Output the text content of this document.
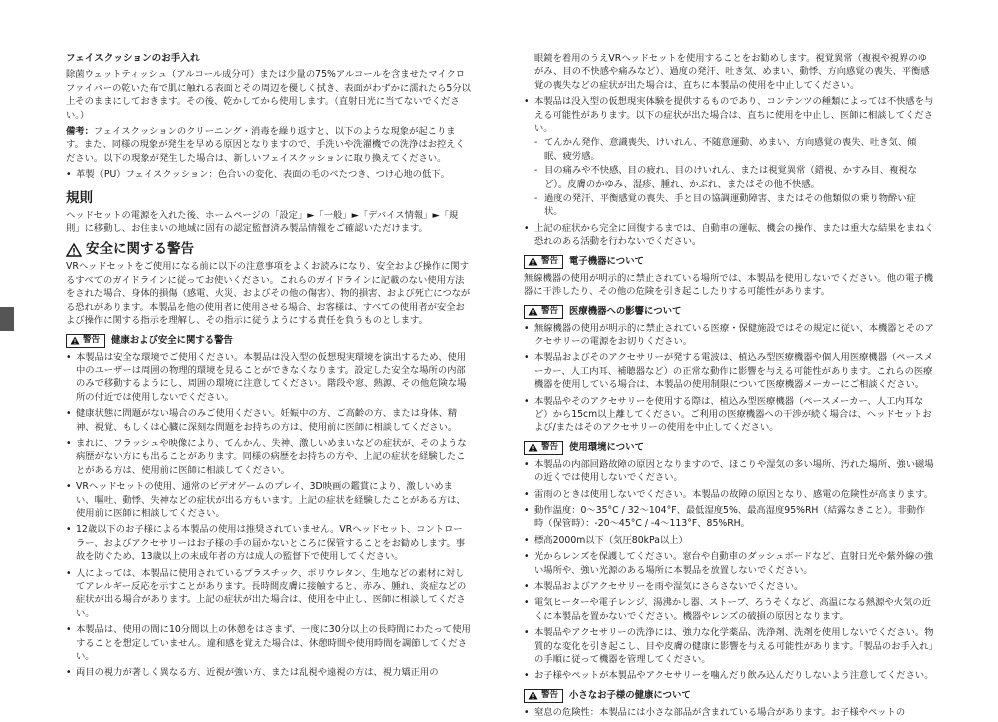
フェイスクッションのお手入れ

除菌ウェットティッシュ（アルコール成分可）または少量の75%アルコールを含ませたマイクロファイバーの乾いた布で肌に触れる表面とその周辺を優しく拭き、表面がわずかに濡れたら5分以上そのままにしておきます。その後、乾かしてから使用します。（直射日光に当てないでください。）

備考：フェイスクッションのクリーニング・消毒を繰り返すと、以下のような現象が起こります。また、同様の現象が発生を早める原因となりますので、手洗いや洗濯機での洗浄はお控えください。以下の現象が発生した場合は、新しいフェイスクッションに取り換えてください。

• 革製（PU）フェイスクッション：色合いの変化、表面の毛のべたつき、つけ心地の低下。
規則

ヘッドセットの電源を入れた後、ホームページの「設定」►「一般」►「デバイス情報」►「規則」に移動し、お住まいの地域に固有の認定監督済み製品情報をご確認いただけます。

安全に関する警告

VRヘッドセットをご使用になる前に以下の注意事項をよくお読みになり、安全および操作に関するすべてのガイドラインに従ってお使いください。これらのガイドラインに記載のない使用方法をされた場合、身体的損傷（感電、火災、およびその他の傷害）、物的損害、および死亡につながる恐れがあります。本製品を他の使用者に使用させる場合、お客様は、すべての使用者が安全および操作に関する指示を理解し、その指示に従うようにする責任を負うものとします。

警告 健康および安全に関する警告
• 本製品は安全な環境でご使用ください。本製品は没入型の仮想現実環境を演出するため、使用中のユーザーは周囲の物理的環境を見ることができなくなります。設定した安全な場所の内部のみで移動するようにし、周囲の環境に注意してください。階段や窓、熱源、その他危険な場所の付近では使用しないでください。
• 健康状態に問題がない場合のみご使用ください。妊娠中の方、ご高齢の方、または身体、精神、視覚、もしくは心臓に深刻な問題をお持ちの方は、使用前に医師に相談してください。
• まれに、フラッシュや映像により、てんかん、失神、激しいめまいなどの症状が、そのような病歴がない方にも出ることがあります。同様の病歴をお持ちの方や、上記の症状を経験したことがある方は、使用前に医師に相談してください。
• VRヘッドセットの使用、通常のビデオゲームのプレイ、3D映画の鑑賞により、激しいめまい、嘔吐、動悸、失神などの症状が出る方もいます。上記の症状を経験したことがある方は、使用前に医師に相談してください。
• 12歳以下のお子様による本製品の使用は推奨されていません。VRヘッドセット、コントローラー、およびアクセサリーはお子様の手の届かないところに保管することをお勧めします。事故を防ぐため、13歳以上の未成年者の方は成人の監督下で使用してください。
• 人によっては、本製品に使用されているプラスチック、ポリウレタン、生地などの素材に対してアレルギー反応を示すことがあります。長時間皮膚に接触すると、赤み、腫れ、炎症などの症状が出る場合があります。上記の症状が出た場合は、使用を中止し、医師に相談してください。
• 本製品は、使用の間に10分間以上の休憩をはさまず、一度に30分以上の長時間にわたって使用することを想定していません。違和感を覚えた場合は、休憩時間や使用時間を調節してください。
• 両目の視力が著しく異なる方、近視が強い方、または乱視や遠視の方は、視力矯正用の

眼鏡を着用のうえVRヘッドセットを使用することをお勧めします。視覚異常（複視や視界のゆがみ、目の不快感や痛みなど）、過度の発汗、吐き気、めまい、動悸、方向感覚の喪失、平衡感覚の喪失などの症状が出た場合は、直ちに本製品の使用を中止してください。

• 本製品は没入型の仮想現実体験を提供するものであり、コンテンツの種類によっては不快感を与える可能性があります。以下の症状が出た場合は、直ちに使用を中止し、医師に相談してください。
- てんかん発作、意識喪失、けいれん、不随意運動、めまい、方向感覚の喪失、吐き気、傾眠、疲労感。
- 目の痛みや不快感、目の疲れ、目のけいれん、または視覚異常（錯視、かすみ目、複視など）。皮膚のかゆみ、湿疹、腫れ、かぶれ、またはその他不快感。
- 過度の発汗、平衡感覚の喪失、手と目の協調運動障害、またはその他類似の乗り物酔い症状。
• 上記の症状から完全に回復するまでは、自動車の運転、機会の操作、または重大な結果をまねく恐れのある活動を行わないでください。
警告 電子機器について

無線機器の使用が明示的に禁止されている場所では、本製品を使用しないでください。他の電子機器に干渉したり、その他の危険を引き起こしたりする可能性があります。

警告 医療機器への影響について
• 無線機器の使用が明示的に禁止されている医療・保健施設ではその規定に従い、本機器とそのアクセサリーの電源をお切りください。
• 本製品およびそのアクセサリーが発する電波は、植込み型医療機器や個人用医療機器（ペースメーカー、人工内耳、補聴器など）の正常な動作に影響を与える可能性があります。これらの医療機器を使用している場合は、本製品の使用制限について医療機器メーカーにご相談ください。
• 本製品やそのアクセサリーを使用する際は、植込み型医療機器（ペースメーカー、人工内耳など）から15cm以上離してください。ご利用の医療機器への干渉が続く場合は、ヘッドセットおよび/またはそのアクセサリーの使用を中止してください。
警告 使用環境について
• 本製品の内部回路故障の原因となりますので、ほこりや湿気の多い場所、汚れた場所、強い磁場の近くでは使用しないでください。
• 雷雨のときは使用しないでください。本製品の故障の原因となり、感電の危険性が高まります。
• 動作温度：0～35°C / 32～104°F、最低湿度5%、最高湿度95%RH（結露なきこと）。非動作時（保管時）：-20～45°C / -4～113°F、85%RH。
• 標高2000m以下（気圧80kPa以上）
• 光からレンズを保護してください。窓台や自動車のダッシュボードなど、直射日光や紫外線の強い場所や、強い光源のある場所に本製品を放置しないでください。
• 本製品およびアクセサリーを雨や湿気にさらさないでください。
• 電気ヒーターや電子レンジ、湯沸かし器、ストーブ、ろうそくなど、高温になる熱源や火気の近くに本製品を置かないでください。機器やレンズの破損の原因となります。
• 本製品やアクセサリーの洗浄には、強力な化学薬品、洗浄剤、洗剤を使用しないでください。物質的な変化を引き起こし、目や皮膚の健康に影響を与える可能性があります。「製品のお手入れ」の手順に従って機器を管理してください。
• お子様やペットが本製品やアクセサリーを噛んだり飲み込んだりしないよう注意してください。
警告 小さなお子様の健康について
• 窒息の危険性：本製品には小さな部品が含まれている場合があります。お子様やペットの
